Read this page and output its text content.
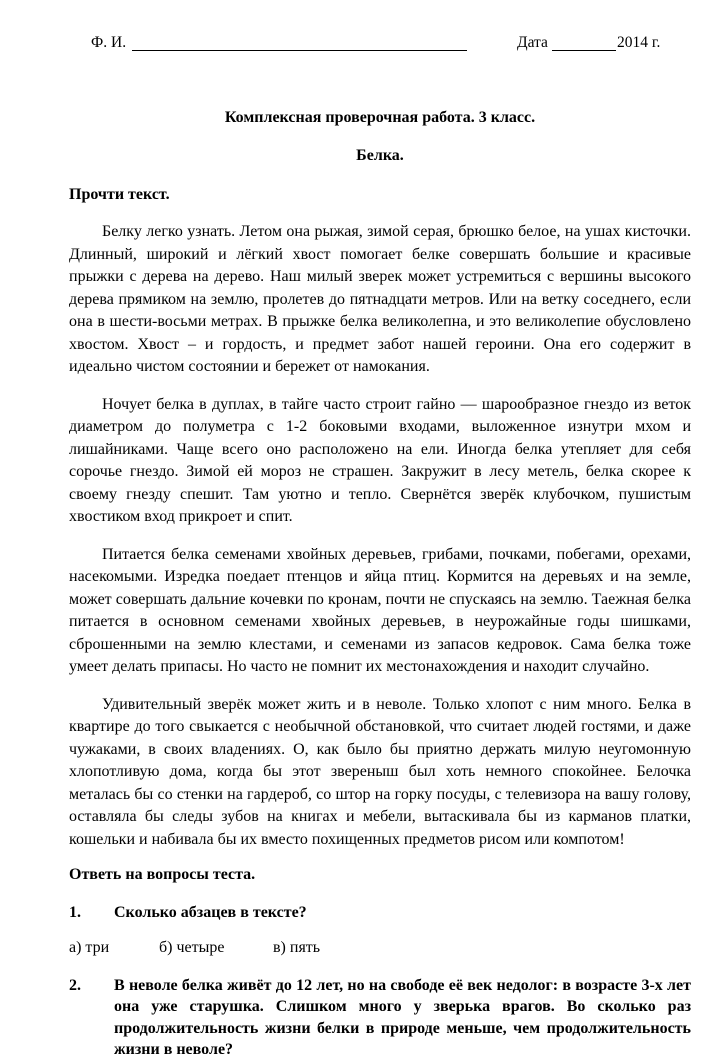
Ф. И.	Дата	2014 г.
Комплексная проверочная работа. 3 класс.
Белка.
Прочти текст.

Белку легко узнать. Летом она рыжая, зимой серая, брюшко белое, на ушах кисточки. Длинный, широкий и лёгкий хвост помогает белке совершать большие и красивые прыжки с дерева на дерево. Наш милый зверек может устремиться с вершины высокого дерева прямиком на землю, пролетев до пятнадцати метров. Или на ветку соседнего, если она в шести-восьми метрах. В прыжке белка великолепна, и это великолепие обусловлено хвостом. Хвост – и гордость, и предмет забот нашей героини. Она его содержит в идеально чистом состоянии и бережет от намокания.

Ночует белка в дуплах, в тайге часто строит гайно — шарообразное гнездо из веток диаметром до полуметра с 1-2 боковыми входами, выложенное изнутри мхом и лишайниками. Чаще всего оно расположено на ели. Иногда белка утепляет для себя сорочье гнездо. Зимой ей мороз не страшен. Закружит в лесу метель, белка скорее к своему гнезду спешит. Там уютно и тепло. Свернётся зверёк клубочком, пушистым хвостиком вход прикроет и спит.

Питается белка семенами хвойных деревьев, грибами, почками, побегами, орехами, насекомыми. Изредка поедает птенцов и яйца птиц. Кормится на деревьях и на земле, может совершать дальние кочевки по кронам, почти не спускаясь на землю. Таежная белка питается в основном семенами хвойных деревьев, в неурожайные годы шишками, сброшенными на землю клестами, и семенами из запасов кедровок. Сама белка тоже умеет делать припасы. Но часто не помнит их местонахождения и находит случайно.

Удивительный зверёк может жить и в неволе. Только хлопот с ним много. Белка в квартире до того свыкается с необычной обстановкой, что считает людей гостями, и даже чужаками, в своих владениях. О, как было бы приятно держать милую неугомонную хлопотливую дома, когда бы этот звереныш был хоть немного спокойнее. Белочка металась бы со стенки на гардероб, со штор на горку посуды, с телевизора на вашу голову, оставляла бы следы зубов на книгах и мебели, вытаскивала бы из карманов платки, кошельки и набивала бы их вместо похищенных предметов рисом или компотом!

Ответь на вопросы теста.
1.	Сколько абзацев в тексте?
а) три	б) четыре	в) пять
2.	В неволе белка живёт до 12 лет, но на свободе её век недолог: в возрасте 3-х лет она уже старушка. Слишком много у зверька врагов. Во сколько раз продолжительность жизни белки в природе меньше, чем продолжительность жизни в неволе?
